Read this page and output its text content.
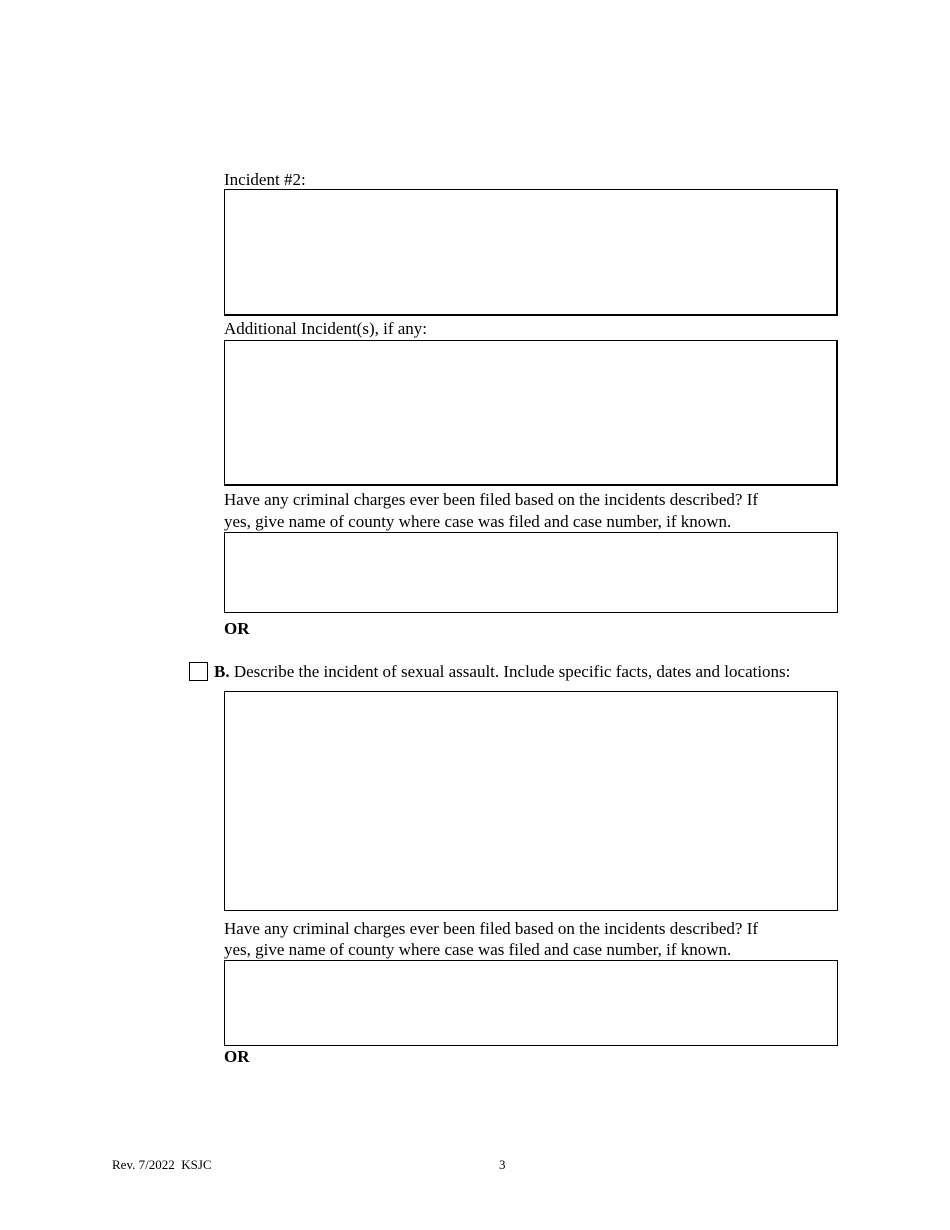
Incident #2:
Additional Incident(s), if any:
Have any criminal charges ever been filed based on the incidents described? If
yes, give name of county where case was filed and case number, if known.
OR
B. Describe the incident of sexual assault. Include specific facts, dates and locations:
Have any criminal charges ever been filed based on the incidents described? If
yes, give name of county where case was filed and case number, if known.
OR
Rev. 7/2022  KSJC	3
